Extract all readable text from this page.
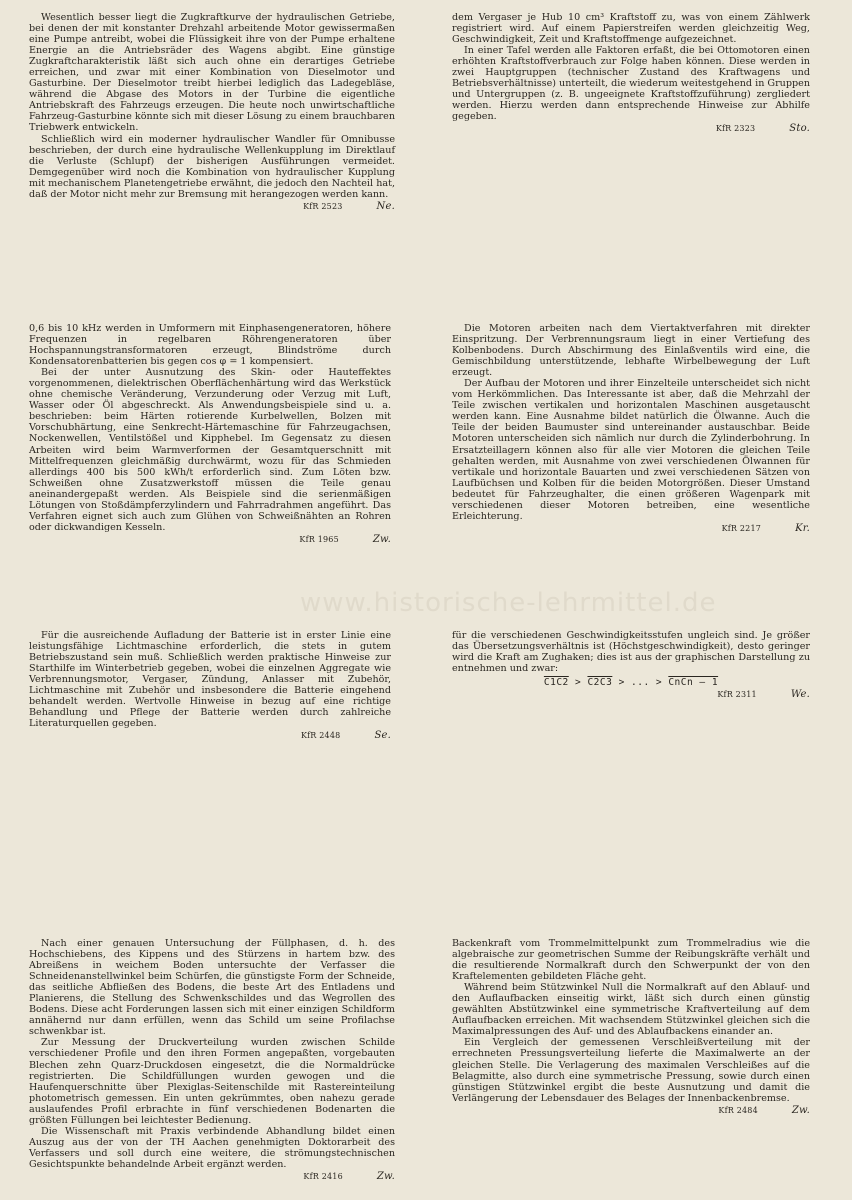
www.historische-lehrmittel.de

Wesentlich besser liegt die Zugkraftkurve der hydraulischen Getriebe, bei denen der mit konstanter Drehzahl arbeitende Motor gewissermaßen eine Pumpe antreibt, wobei die Flüssigkeit ihre von der Pumpe erhaltene Energie an die Antriebsräder des Wagens abgibt. Eine günstige Zugkraftcharakteristik läßt sich auch ohne ein derartiges Getriebe erreichen, und zwar mit einer Kombination von Dieselmotor und Gasturbine. Der Dieselmotor treibt hierbei lediglich das Ladegebläse, während die Abgase des Motors in der Turbine die eigentliche Antriebskraft des Fahrzeugs erzeugen. Die heute noch unwirtschaftliche Fahrzeug-Gasturbine könnte sich mit dieser Lösung zu einem brauchbaren Triebwerk entwickeln.

Schließlich wird ein moderner hydraulischer Wandler für Omnibusse beschrieben, der durch eine hydraulische Wellenkupplung im Direktlauf die Verluste (Schlupf) der bisherigen Ausführungen vermeidet. Demgegenüber wird noch die Kombination von hydraulischer Kupplung mit mechanischem Planetengetriebe erwähnt, die jedoch den Nachteil hat, daß der Motor nicht mehr zur Bremsung mit herangezogen werden kann.

KfR 2523	Ne.

dem Vergaser je Hub 10 cm³ Kraftstoff zu, was von einem Zählwerk registriert wird. Auf einem Papierstreifen werden gleichzeitig Weg, Geschwindigkeit, Zeit und Kraftstoffmenge aufgezeichnet.

In einer Tafel werden alle Faktoren erfaßt, die bei Ottomotoren einen erhöhten Kraftstoffverbrauch zur Folge haben können. Diese werden in zwei Hauptgruppen (technischer Zustand des Kraftwagens und Betriebsverhältnisse) unterteilt, die wiederum weitestgehend in Gruppen und Untergruppen (z. B. ungeeignete Kraftstoffzuführung) zergliedert werden. Hierzu werden dann entsprechende Hinweise zur Abhilfe gegeben.

KfR 2323	Sto.

0,6 bis 10 kHz werden in Umformern mit Einphasengeneratoren, höhere Frequenzen in regelbaren Röhrengeneratoren über Hochspannungstransformatoren erzeugt, Blindströme durch Kondensatorenbatterien bis gegen cos φ = 1 kompensiert.

Bei der unter Ausnutzung des Skin- oder Hauteffektes vorgenommenen, dielektrischen Oberflächenhärtung wird das Werkstück ohne chemische Veränderung, Verzunderung oder Verzug mit Luft, Wasser oder Öl abgeschreckt. Als Anwendungsbeispiele sind u. a. beschrieben: beim Härten rotierende Kurbelwellen, Bolzen mit Vorschubhärtung, eine Senkrecht-Härtemaschine für Fahrzeugachsen, Nockenwellen, Ventilstößel und Kipphebel. Im Gegensatz zu diesen Arbeiten wird beim Warmverformen der Gesamtquerschnitt mit Mittelfrequenzen gleichmäßig durchwärmt, wozu für das Schmieden allerdings 400 bis 500 kWh/t erforderlich sind. Zum Löten bzw. Schweißen ohne Zusatzwerkstoff müssen die Teile genau aneinandergepaßt werden. Als Beispiele sind die serienmäßigen Lötungen von Stoßdämpferzylindern und Fahrradrahmen angeführt. Das Verfahren eignet sich auch zum Glühen von Schweißnähten an Rohren oder dickwandigen Kesseln.

KfR 1965	Zw.

Die Motoren arbeiten nach dem Viertaktverfahren mit direkter Einspritzung. Der Verbrennungsraum liegt in einer Vertiefung des Kolbenbodens. Durch Abschirmung des Einlaßventils wird eine, die Gemischbildung unterstützende, lebhafte Wirbelbewegung der Luft erzeugt.

Der Aufbau der Motoren und ihrer Einzelteile unterscheidet sich nicht vom Herkömmlichen. Das Interessante ist aber, daß die Mehrzahl der Teile zwischen vertikalen und horizontalen Maschinen ausgetauscht werden kann. Eine Ausnahme bildet natürlich die Ölwanne. Auch die Teile der beiden Baumuster sind untereinander austauschbar. Beide Motoren unterscheiden sich nämlich nur durch die Zylinderbohrung. In Ersatzteillagern können also für alle vier Motoren die gleichen Teile gehalten werden, mit Ausnahme von zwei verschiedenen Ölwannen für vertikale und horizontale Bauarten und zwei verschiedenen Sätzen von Laufbüchsen und Kolben für die beiden Motorgrößen. Dieser Umstand bedeutet für Fahrzeughalter, die einen größeren Wagenpark mit verschiedenen dieser Motoren betreiben, eine wesentliche Erleichterung.

KfR 2217	Kr.

Für die ausreichende Aufladung der Batterie ist in erster Linie eine leistungsfähige Lichtmaschine erforderlich, die stets in gutem Betriebszustand sein muß. Schließlich werden praktische Hinweise zur Starthilfe im Winterbetrieb gegeben, wobei die einzelnen Aggregate wie Verbrennungsmotor, Vergaser, Zündung, Anlasser mit Zubehör, Lichtmaschine mit Zubehör und insbesondere die Batterie eingehend behandelt werden. Wertvolle Hinweise in bezug auf eine richtige Behandlung und Pflege der Batterie werden durch zahlreiche Literaturquellen gegeben.

KfR 2448	Se.

für die verschiedenen Geschwindigkeitsstufen ungleich sind. Je größer das Übersetzungsverhältnis ist (Höchstgeschwindigkeit), desto geringer wird die Kraft am Zughaken; dies ist aus der graphischen Darstellung zu entnehmen und zwar:

C1C2 > C2C3 > ... > CnCn — 1
KfR 2311	We.

Nach einer genauen Untersuchung der Füllphasen, d. h. des Hochschiebens, des Kippens und des Stürzens in hartem bzw. des Abreißens in weichem Boden untersuchte der Verfasser die Schneidenanstellwinkel beim Schürfen, die günstigste Form der Schneide, das seitliche Abfließen des Bodens, die beste Art des Entladens und Planierens, die Stellung des Schwenkschildes und das Wegrollen des Bodens. Diese acht Forderungen lassen sich mit einer einzigen Schildform annähernd nur dann erfüllen, wenn das Schild um seine Profilachse schwenkbar ist.

Zur Messung der Druckverteilung wurden zwischen Schilde verschiedener Profile und den ihren Formen angepaßten, vorgebauten Blechen zehn Quarz-Druckdosen eingesetzt, die die Normaldrücke registrierten. Die Schildfüllungen wurden gewogen und die Haufenquerschnitte über Plexiglas-Seitenschilde mit Rastereinteilung photometrisch gemessen. Ein unten gekrümmtes, oben nahezu gerade auslaufendes Profil erbrachte in fünf verschiedenen Bodenarten die größten Füllungen bei leichtester Bedienung.

Die Wissenschaft mit Praxis verbindende Abhandlung bildet einen Auszug aus der von der TH Aachen genehmigten Doktorarbeit des Verfassers und soll durch eine weitere, die strömungstechnischen Gesichtspunkte behandelnde Arbeit ergänzt werden.

KfR 2416	Zw.

Backenkraft vom Trommelmittelpunkt zum Trommelradius wie die algebraische zur geometrischen Summe der Reibungskräfte verhält und die resultierende Normalkraft durch den Schwerpunkt der von den Kraftelementen gebildeten Fläche geht.

Während beim Stützwinkel Null die Normalkraft auf den Ablauf- und den Auflaufbacken einseitig wirkt, läßt sich durch einen günstig gewählten Abstützwinkel eine symmetrische Kraftverteilung auf dem Auflaufbacken erreichen. Mit wachsendem Stützwinkel gleichen sich die Maximalpressungen des Auf- und des Ablaufbackens einander an.

Ein Vergleich der gemessenen Verschleißverteilung mit der errechneten Pressungsverteilung lieferte die Maximalwerte an der gleichen Stelle. Die Verlagerung des maximalen Verschleißes auf die Belagmitte, also durch eine symmetrische Pressung, sowie durch einen günstigen Stützwinkel ergibt die beste Ausnutzung und damit die Verlängerung der Lebensdauer des Belages der Innenbackenbremse.

KfR 2484	Zw.
